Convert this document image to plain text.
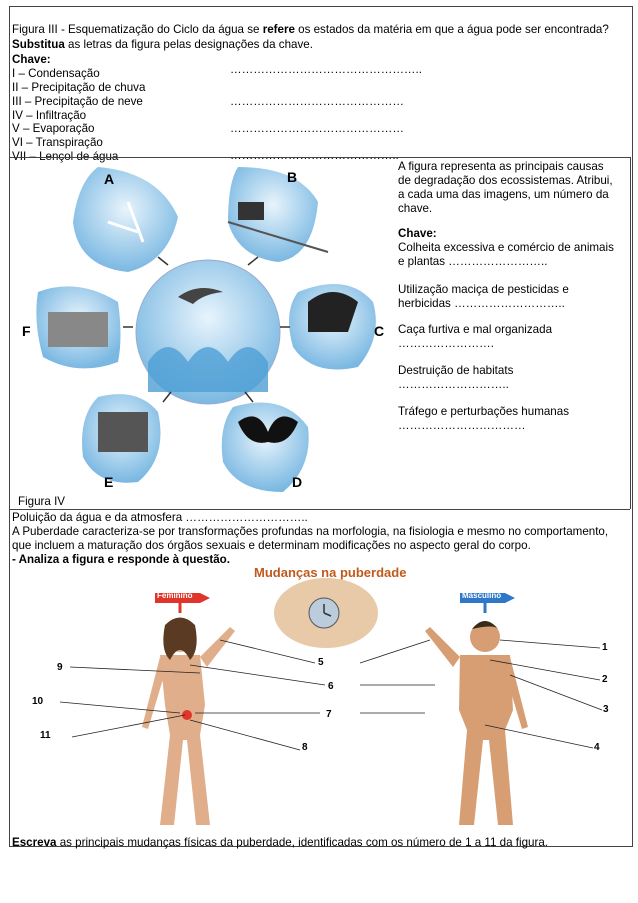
Figura III - Esquematização do Ciclo da água se refere os estados da matéria em que a água pode ser encontrada?
Substitua as letras da figura pelas designações da chave.
Chave:
I – Condensação
II – Precipitação de chuva
III – Precipitação de neve
IV – Infiltração
V – Evaporação
VI – Transpiração
VII – Lençol de água
…………………………………………..
………………………………………
………………………………………
……………………………………..
A	B
C
D
E
F
A figura representa as principais causas
de degradação dos ecossistemas. Atribui,
a cada uma das imagens, um número da
chave.
Chave:
Colheita excessiva e comércio de animais
e plantas ……………………..
Utilização maciça de pesticidas e
herbicidas ………………………..
Caça furtiva e mal organizada
…………………….
Destruição de habitats
………………………..
Tráfego e perturbações humanas
……………………………
Figura IV
Poluição da água e da atmosfera …………………………..
A Puberdade caracteriza-se por transformações profundas na morfologia, na fisiologia e mesmo no comportamento,
que incluem a maturação dos órgãos sexuais e determinam modificações no aspecto geral do corpo.
- Analiza a figura e responde à questão.
Mudanças na puberdade
Feminino	Masculino
1
2
3
4
5
6
7
8
9
10
11
Escreva as principais mudanças físicas da puberdade, identificadas com os número de 1 a 11 da figura.
